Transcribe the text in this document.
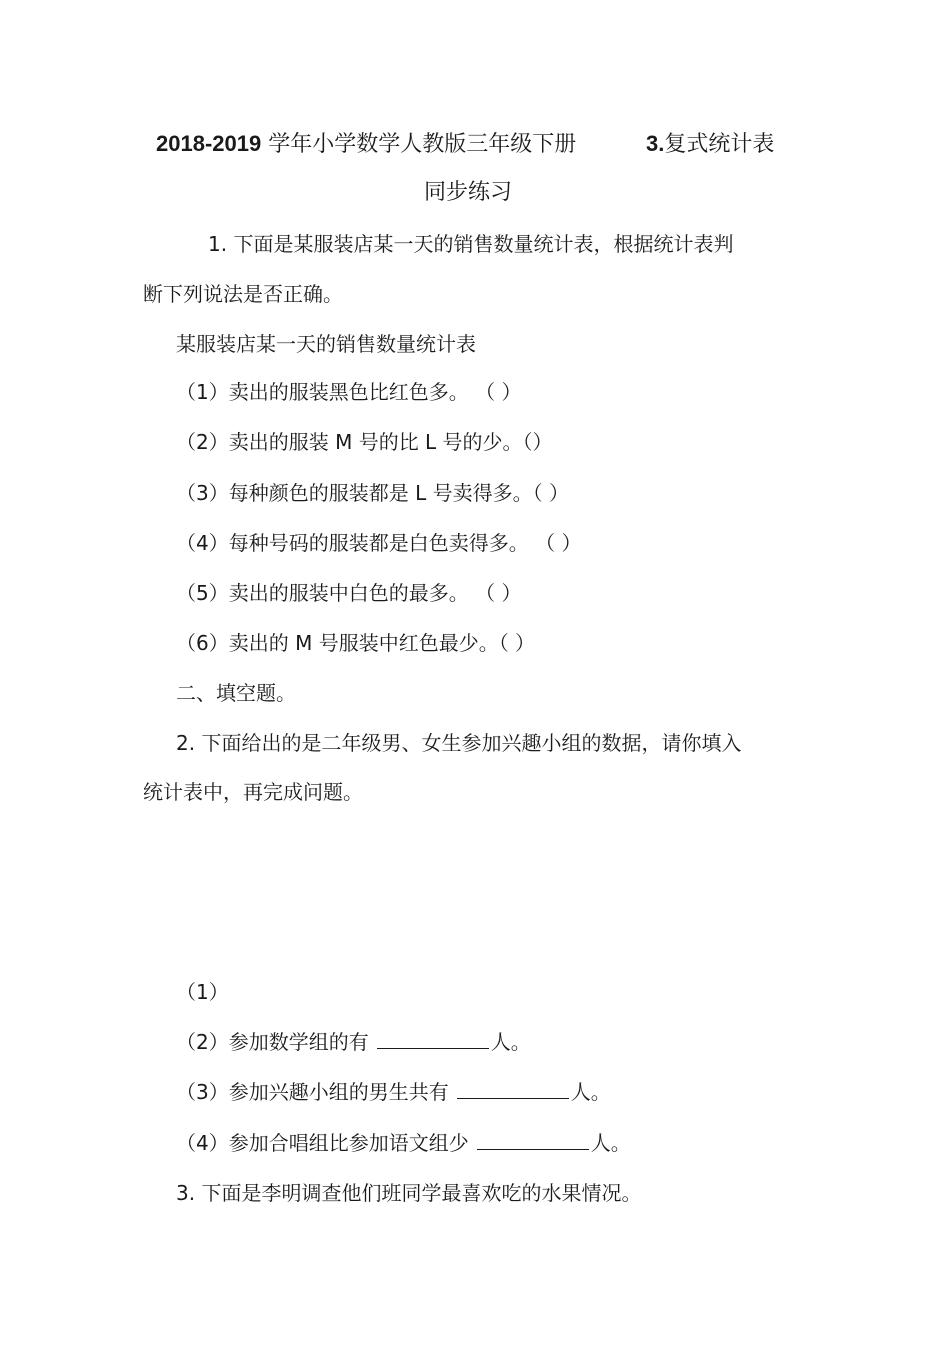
2018-2019 学年小学数学人教版三年级下册	3.复式统计表
同步练习
1. 下面是某服装店某一天的销售数量统计表，根据统计表判
断下列说法是否正确。
某服装店某一天的销售数量统计表
（1）卖出的服装黑色比红色多。 （ ）
（2）卖出的服装 M 号的比 L 号的少。（）
（3）每种颜色的服装都是 L 号卖得多。（ ）
（4）每种号码的服装都是白色卖得多。 （ ）
（5）卖出的服装中白色的最多。 （ ）
（6）卖出的 M 号服装中红色最少。（ ）
二、填空题。
2. 下面给出的是二年级男、女生参加兴趣小组的数据，请你填入
统计表中，再完成问题。
（1）
（2）参加数学组的有	人。
（3）参加兴趣小组的男生共有	人。
（4）参加合唱组比参加语文组少	人。
3. 下面是李明调查他们班同学最喜欢吃的水果情况。
